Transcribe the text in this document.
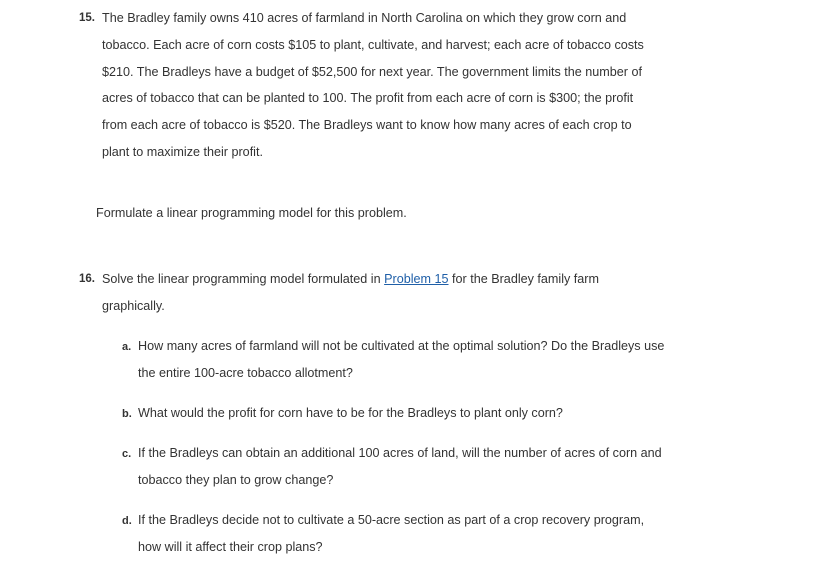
15. The Bradley family owns 410 acres of farmland in North Carolina on which they grow corn and
tobacco. Each acre of corn costs $105 to plant, cultivate, and harvest; each acre of tobacco costs
$210. The Bradleys have a budget of $52,500 for next year. The government limits the number of
acres of tobacco that can be planted to 100. The profit from each acre of corn is $300; the profit
from each acre of tobacco is $520. The Bradleys want to know how many acres of each crop to
plant to maximize their profit.
Formulate a linear programming model for this problem.
16. Solve the linear programming model formulated in Problem 15 for the Bradley family farm
graphically.
a. How many acres of farmland will not be cultivated at the optimal solution? Do the Bradleys use
the entire 100-acre tobacco allotment?
b. What would the profit for corn have to be for the Bradleys to plant only corn?
c. If the Bradleys can obtain an additional 100 acres of land, will the number of acres of corn and
tobacco they plan to grow change?
d. If the Bradleys decide not to cultivate a 50-acre section as part of a crop recovery program,
how will it affect their crop plans?
